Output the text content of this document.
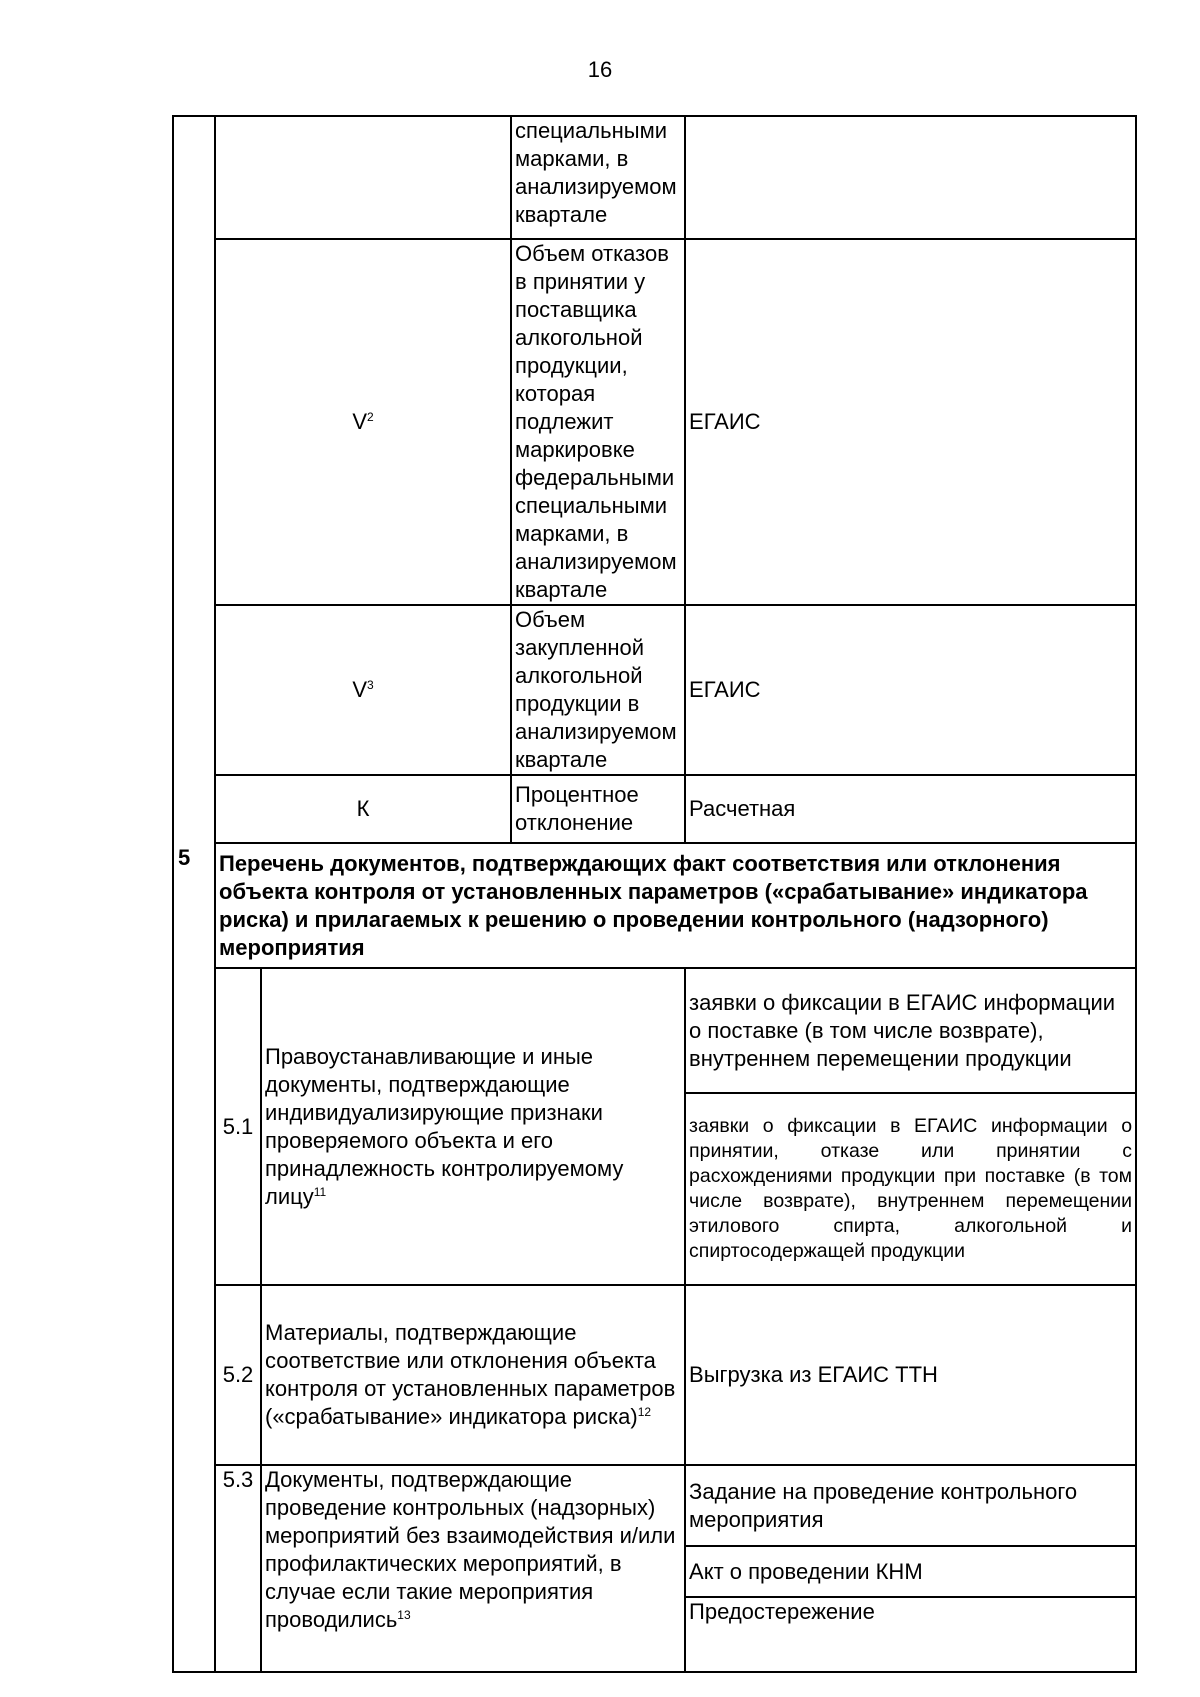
16
			специальными марками, в анализируемом квартале	
	$V^2$		Объем отказов в принятии у поставщика алкогольной продукции, которая подлежит маркировке федеральными специальными марками, в анализируемом квартале	ЕГАИС
	$V^3$		Объем закупленной алкогольной продукции в анализируемом квартале	ЕГАИС
	К		Процентное отклонение	Расчетная
5	Перечень документов, подтверждающих факт соответствия или отклонения объекта контроля от установленных параметров («срабатывание» индикатора риска) и прилагаемых к решению о проведении контрольного (надзорного) мероприятия			
	5.1	Правоустанавливающие и иные документы, подтверждающие индивидуализирующие признаки проверяемого объекта и его принадлежность контролируемому лицу$^{11}$		заявки о фиксации в ЕГАИС информации о поставке (в том числе возврате), внутреннем перемещении продукции
				заявки о фиксации в ЕГАИС информации о принятии, отказе или принятии с расхождениями продукции при поставке (в том числе возврате), внутреннем перемещении этилового спирта, алкогольной и спиртосодержащей продукции
	5.2	Материалы, подтверждающие соответствие или отклонения объекта контроля от установленных параметров («срабатывание» индикатора риска)$^{12}$		Выгрузка из ЕГАИС ТТН
	5.3	Документы, подтверждающие проведение контрольных (надзорных) мероприятий без взаимодействия и/или профилактических мероприятий, в случае если такие мероприятия проводились$^{13}$		Задание на проведение контрольного мероприятия
				Акт о проведении КНМ
				Предостережение
